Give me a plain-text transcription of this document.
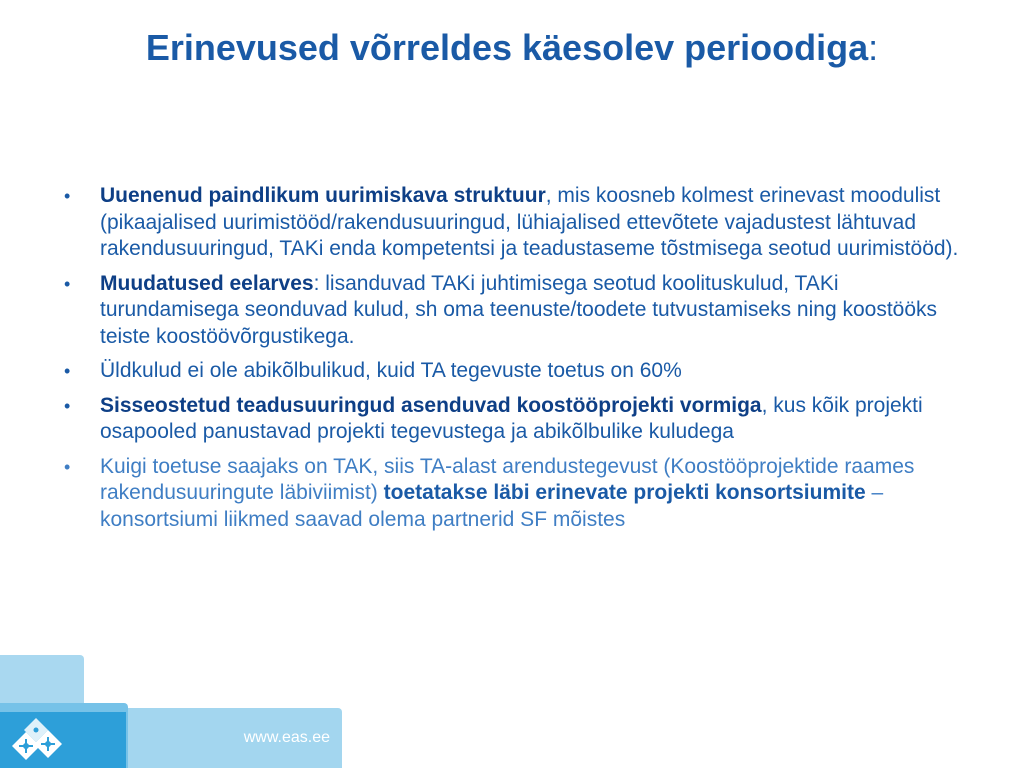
Erinevused võrreldes käesolev perioodiga:
• Uuenenud paindlikum uurimiskava struktuur, mis koosneb kolmest erinevast moodulist (pikaajalised uurimistööd/rakendusuuringud, lühiajalised ettevõtete vajadustest lähtuvad rakendusuuringud, TAKi enda kompetentsi ja teadustaseme tõstmisega seotud uurimistööd).
• Muudatused eelarves: lisanduvad TAKi juhtimisega seotud koolituskulud, TAKi turundamisega seonduvad kulud, sh oma teenuste/toodete tutvustamiseks ning koostööks teiste koostöövõrgustikega.
• Üldkulud ei ole abikõlbulikud, kuid TA tegevuste toetus on 60%
• Sisseostetud teadusuuringud asenduvad koostööprojekti vormiga, kus kõik projekti osapooled panustavad projekti tegevustega ja abikõlbulike kuludega
• Kuigi toetuse saajaks on TAK, siis TA-alast arendustegevust (Koostööprojektide raames rakendusuuringute läbiviimist) toetatakse läbi erinevate projekti konsortsiumite – konsortsiumi liikmed saavad olema partnerid SF mõistes
www.eas.ee
